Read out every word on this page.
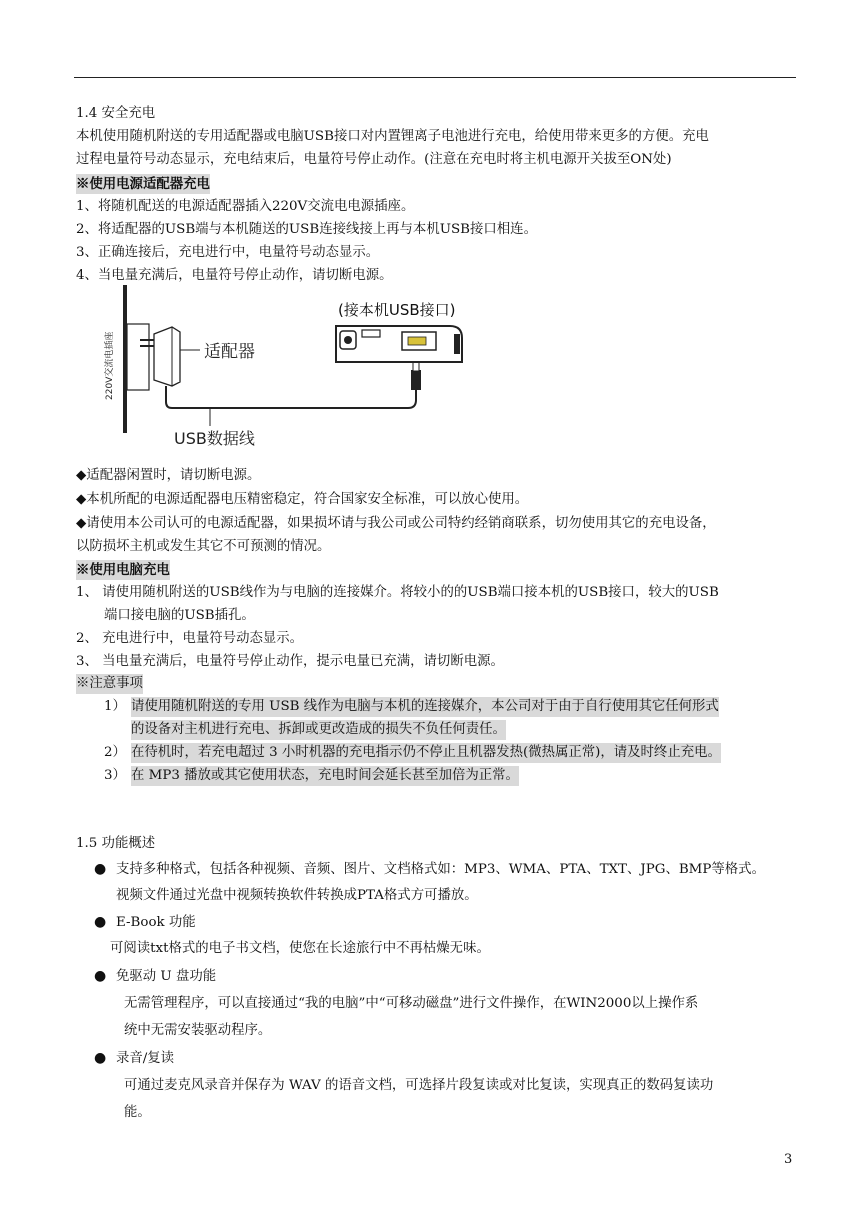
1.4 安全充电
本机使用随机附送的专用适配器或电脑USB接口对内置锂离子电池进行充电，给使用带来更多的方便。充电
过程电量符号动态显示，充电结束后，电量符号停止动作。(注意在充电时将主机电源开关拔至ON处)
※使用电源适配器充电
1、将随机配送的电源适配器插入220V交流电电源插座。
2、将适配器的USB端与本机随送的USB连接线接上再与本机USB接口相连。
3、正确连接后，充电进行中，电量符号动态显示。
4、当电量充满后，电量符号停止动作，请切断电源。
220V交流电插座	适配器
USB数据线
(接本机USB接口)
◆适配器闲置时，请切断电源。
◆本机所配的电源适配器电压精密稳定，符合国家安全标准，可以放心使用。
◆请使用本公司认可的电源适配器，如果损坏请与我公司或公司特约经销商联系，切勿使用其它的充电设备，
以防损坏主机或发生其它不可预测的情况。
※使用电脑充电
1、 请使用随机附送的USB线作为与电脑的连接媒介。将较小的的USB端口接本机的USB接口，较大的USB
端口接电脑的USB插孔。
2、 充电进行中，电量符号动态显示。
3、 当电量充满后，电量符号停止动作，提示电量已充满，请切断电源。
※注意事项
1） 请使用随机附送的专用 USB 线作为电脑与本机的连接媒介，本公司对于由于自行使用其它任何形式
的设备对主机进行充电、拆卸或更改造成的损失不负任何责任。
2） 在待机时，若充电超过 3 小时机器的充电指示仍不停止且机器发热(微热属正常)，请及时终止充电。
3） 在 MP3 播放或其它使用状态，充电时间会延长甚至加倍为正常。
1.5 功能概述
● 支持多种格式，包括各种视频、音频、图片、文档格式如：MP3、WMA、PTA、TXT、JPG、BMP等格式。
视频文件通过光盘中视频转换软件转换成PTA格式方可播放。
● E-Book 功能
可阅读txt格式的电子书文档，使您在长途旅行中不再枯燥无味。
● 免驱动 U 盘功能
无需管理程序，可以直接通过“我的电脑”中“可移动磁盘”进行文件操作，在WIN2000以上操作系
统中无需安装驱动程序。
● 录音/复读
可通过麦克风录音并保存为 WAV 的语音文档，可选择片段复读或对比复读，实现真正的数码复读功
能。
3
